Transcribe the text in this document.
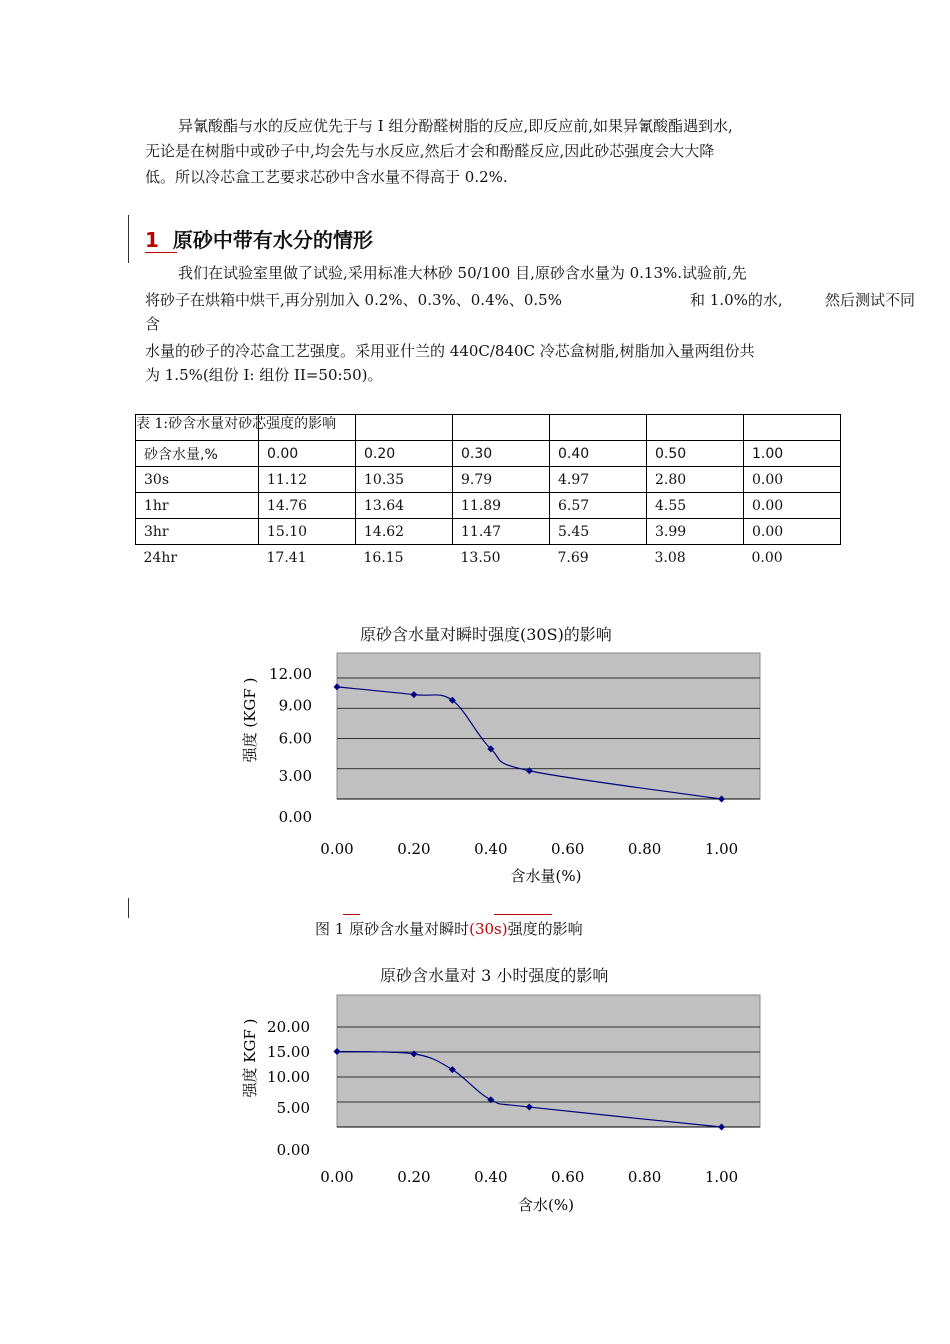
异氰酸酯与水的反应优先于与 I 组分酚醛树脂的反应,即反应前,如果异氰酸酯遇到水,
无论是在树脂中或砂子中,均会先与水反应,然后才会和酚醛反应,因此砂芯强度会大大降
低。所以冷芯盒工艺要求芯砂中含水量不得高于 0.2%.
1 原砂中带有水分的情形
我们在试验室里做了试验,采用标准大林砂 50/100 目,原砂含水量为 0.13%.试验前,先
将砂子在烘箱中烘干,再分别加入 0.2%、0.3%、0.4%、0.5%	和 1.0%的水,	然后测试不同
含
水量的砂子的冷芯盒工艺强度。采用亚什兰的 440C/840C 冷芯盒树脂,树脂加入量两组份共
为 1.5%(组份 I: 组份 II=50:50)。
表 1:砂含水量对砂芯强度的影响						

砂含水量,%	0.00	0.20	0.30	0.40	0.50	1.00
30s	11.12	10.35	9.79	4.97	2.80	0.00
1hr	14.76	13.64	11.89	6.57	4.55	0.00
3hr	15.10	14.62	11.47	5.45	3.99	0.00
24hr	17.41	16.15	13.50	7.69	3.08	0.00
原砂含水量对瞬时强度(30S)的影响
0.00
3.00
6.00
9.00
12.00
0.00	0.20	0.40	0.60	0.80	1.00
含水量(%)
强度 (KGF )
图 1 原砂含水量对瞬时(30s)强度的影响
原砂含水量对 3 小时强度的影响
0.00
5.00
10.00
15.00
20.00
0.00	0.20	0.40	0.60	0.80	1.00
含水(%)
强度 KGF )
